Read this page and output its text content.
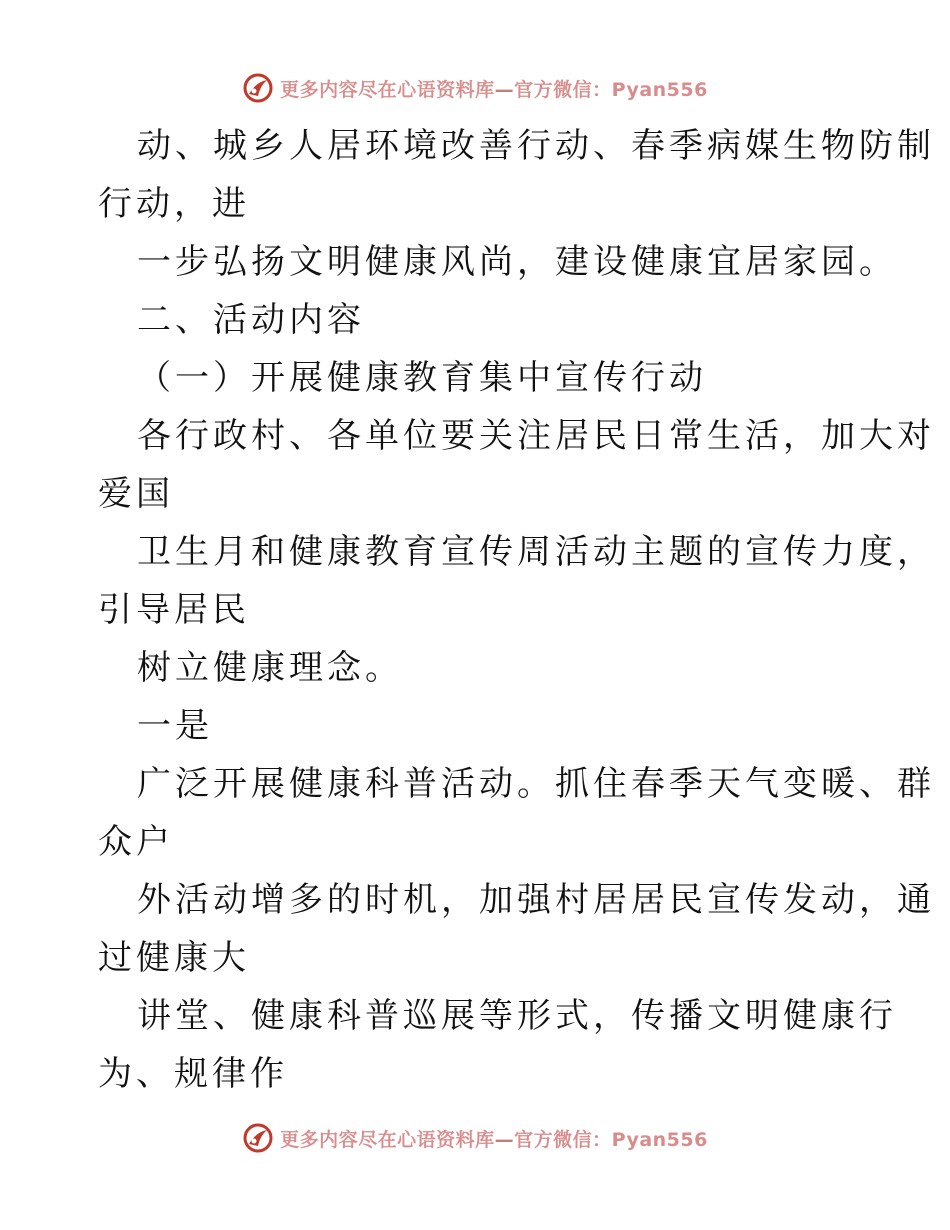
更多内容尽在心语资料库—官方微信：Pyan556
动、城乡人居环境改善行动、春季病媒生物防制
行动，进
一步弘扬文明健康风尚，建设健康宜居家园。
二、活动内容
（一）开展健康教育集中宣传行动
各行政村、各单位要关注居民日常生活，加大对
爱国
卫生月和健康教育宣传周活动主题的宣传力度，
引导居民
树立健康理念。
一是
广泛开展健康科普活动。抓住春季天气变暖、群
众户
外活动增多的时机，加强村居居民宣传发动，通
过健康大
讲堂、健康科普巡展等形式，传播文明健康行
为、规律作
更多内容尽在心语资料库—官方微信：Pyan556
